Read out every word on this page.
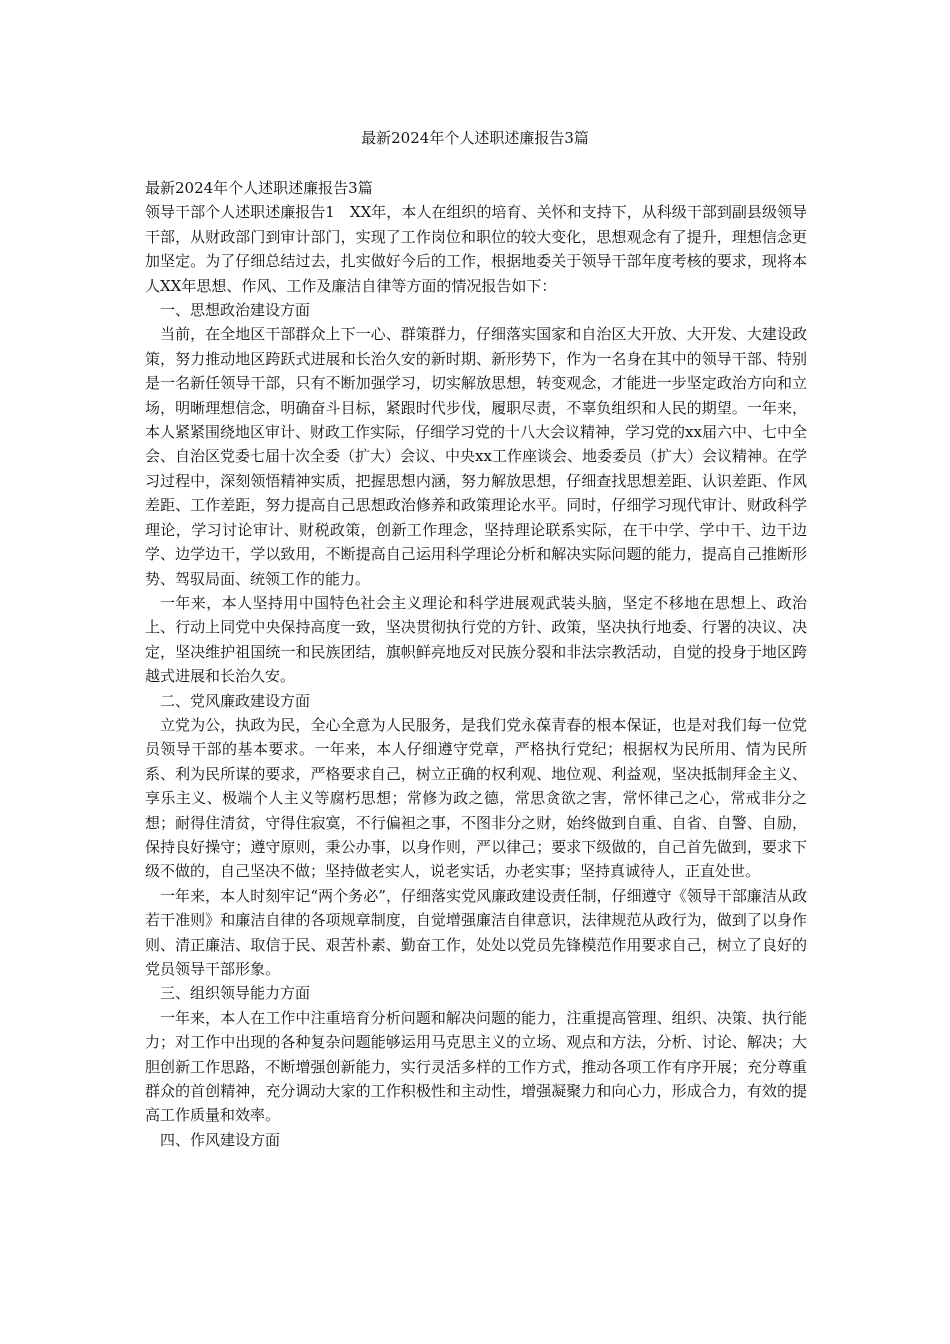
最新2024年个人述职述廉报告3篇

最新2024年个人述职述廉报告3篇

领导干部个人述职述廉报告1　XX年，本人在组织的培育、关怀和支持下，从科级干部到副县级领导干部，从财政部门到审计部门，实现了工作岗位和职位的较大变化，思想观念有了提升，理想信念更加坚定。为了仔细总结过去，扎实做好今后的工作，根据地委关于领导干部年度考核的要求，现将本人XX年思想、作风、工作及廉洁自律等方面的情况报告如下：

一、思想政治建设方面

当前，在全地区干部群众上下一心、群策群力，仔细落实国家和自治区大开放、大开发、大建设政策，努力推动地区跨跃式进展和长治久安的新时期、新形势下，作为一名身在其中的领导干部、特别是一名新任领导干部，只有不断加强学习，切实解放思想，转变观念，才能进一步坚定政治方向和立场，明晰理想信念，明确奋斗目标，紧跟时代步伐，履职尽责，不辜负组织和人民的期望。一年来，本人紧紧围绕地区审计、财政工作实际，仔细学习党的十八大会议精神，学习党的xx届六中、七中全会、自治区党委七届十次全委（扩大）会议、中央xx工作座谈会、地委委员（扩大）会议精神。在学习过程中，深刻领悟精神实质，把握思想内涵，努力解放思想，仔细查找思想差距、认识差距、作风差距、工作差距，努力提高自己思想政治修养和政策理论水平。同时，仔细学习现代审计、财政科学理论，学习讨论审计、财税政策，创新工作理念，坚持理论联系实际，在干中学、学中干、边干边学、边学边干，学以致用，不断提高自己运用科学理论分析和解决实际问题的能力，提高自己推断形势、驾驭局面、统领工作的能力。

一年来，本人坚持用中国特色社会主义理论和科学进展观武装头脑，坚定不移地在思想上、政治上、行动上同党中央保持高度一致，坚决贯彻执行党的方针、政策，坚决执行地委、行署的决议、决定，坚决维护祖国统一和民族团结，旗帜鲜亮地反对民族分裂和非法宗教活动，自觉的投身于地区跨越式进展和长治久安。

二、党风廉政建设方面

立党为公，执政为民，全心全意为人民服务，是我们党永葆青春的根本保证，也是对我们每一位党员领导干部的基本要求。一年来，本人仔细遵守党章，严格执行党纪；根据权为民所用、情为民所系、利为民所谋的要求，严格要求自己，树立正确的权利观、地位观、利益观，坚决抵制拜金主义、享乐主义、极端个人主义等腐朽思想；常修为政之德，常思贪欲之害，常怀律己之心，常戒非分之想；耐得住清贫，守得住寂寞，不行偏袒之事，不图非分之财，始终做到自重、自省、自警、自励，保持良好操守；遵守原则，秉公办事，以身作则，严以律己；要求下级做的，自己首先做到，要求下级不做的，自己坚决不做；坚持做老实人，说老实话，办老实事；坚持真诚待人，正直处世。

一年来，本人时刻牢记“两个务必”，仔细落实党风廉政建设责任制，仔细遵守《领导干部廉洁从政若干准则》和廉洁自律的各项规章制度，自觉增强廉洁自律意识，法律规范从政行为，做到了以身作则、清正廉洁、取信于民、艰苦朴素、勤奋工作，处处以党员先锋模范作用要求自己，树立了良好的党员领导干部形象。

三、组织领导能力方面

一年来，本人在工作中注重培育分析问题和解决问题的能力，注重提高管理、组织、决策、执行能力；对工作中出现的各种复杂问题能够运用马克思主义的立场、观点和方法，分析、讨论、解决；大胆创新工作思路，不断增强创新能力，实行灵活多样的工作方式，推动各项工作有序开展；充分尊重群众的首创精神，充分调动大家的工作积极性和主动性，增强凝聚力和向心力，形成合力，有效的提高工作质量和效率。

四、作风建设方面
